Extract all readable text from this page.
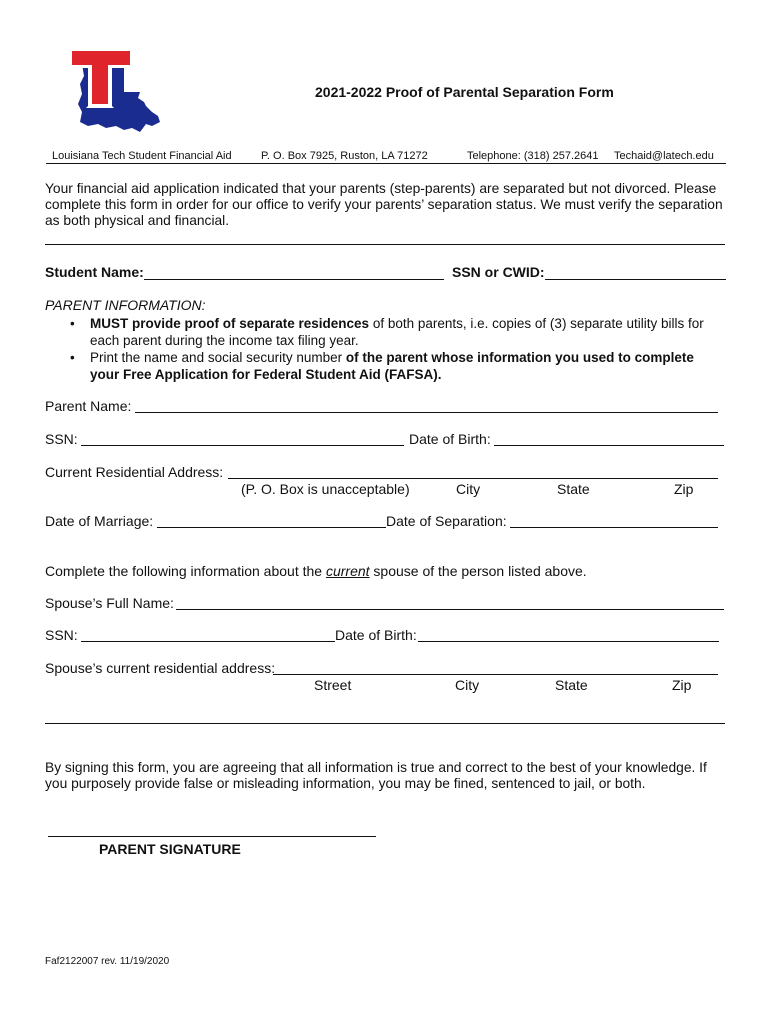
2021-2022 Proof of Parental Separation Form
Louisiana Tech Student Financial Aid	P. O. Box 7925, Ruston, LA 71272	Telephone: (318) 257.2641 Techaid@latech.edu
Your financial aid application indicated that your parents (step-parents) are separated but not divorced. Please complete this form in order for our office to verify your parents’ separation status. We must verify the separation as both physical and financial.
Student Name:	SSN or CWID:
PARENT INFORMATION:
• MUST provide proof of separate residences of both parents, i.e. copies of (3) separate utility bills for each parent during the income tax filing year.
• Print the name and social security number of the parent whose information you used to complete your Free Application for Federal Student Aid (FAFSA).
Parent Name:
SSN:	Date of Birth:
Current Residential Address:
(P. O. Box is unacceptable)	City	State	Zip
Date of Marriage:	Date of Separation:
Complete the following information about the current spouse of the person listed above.
Spouse’s Full Name:
SSN:	Date of Birth:
Spouse’s current residential address:
Street	City	State	Zip
By signing this form, you are agreeing that all information is true and correct to the best of your knowledge. If you purposely provide false or misleading information, you may be fined, sentenced to jail, or both.
PARENT SIGNATURE
Faf2122007 rev. 11/19/2020
